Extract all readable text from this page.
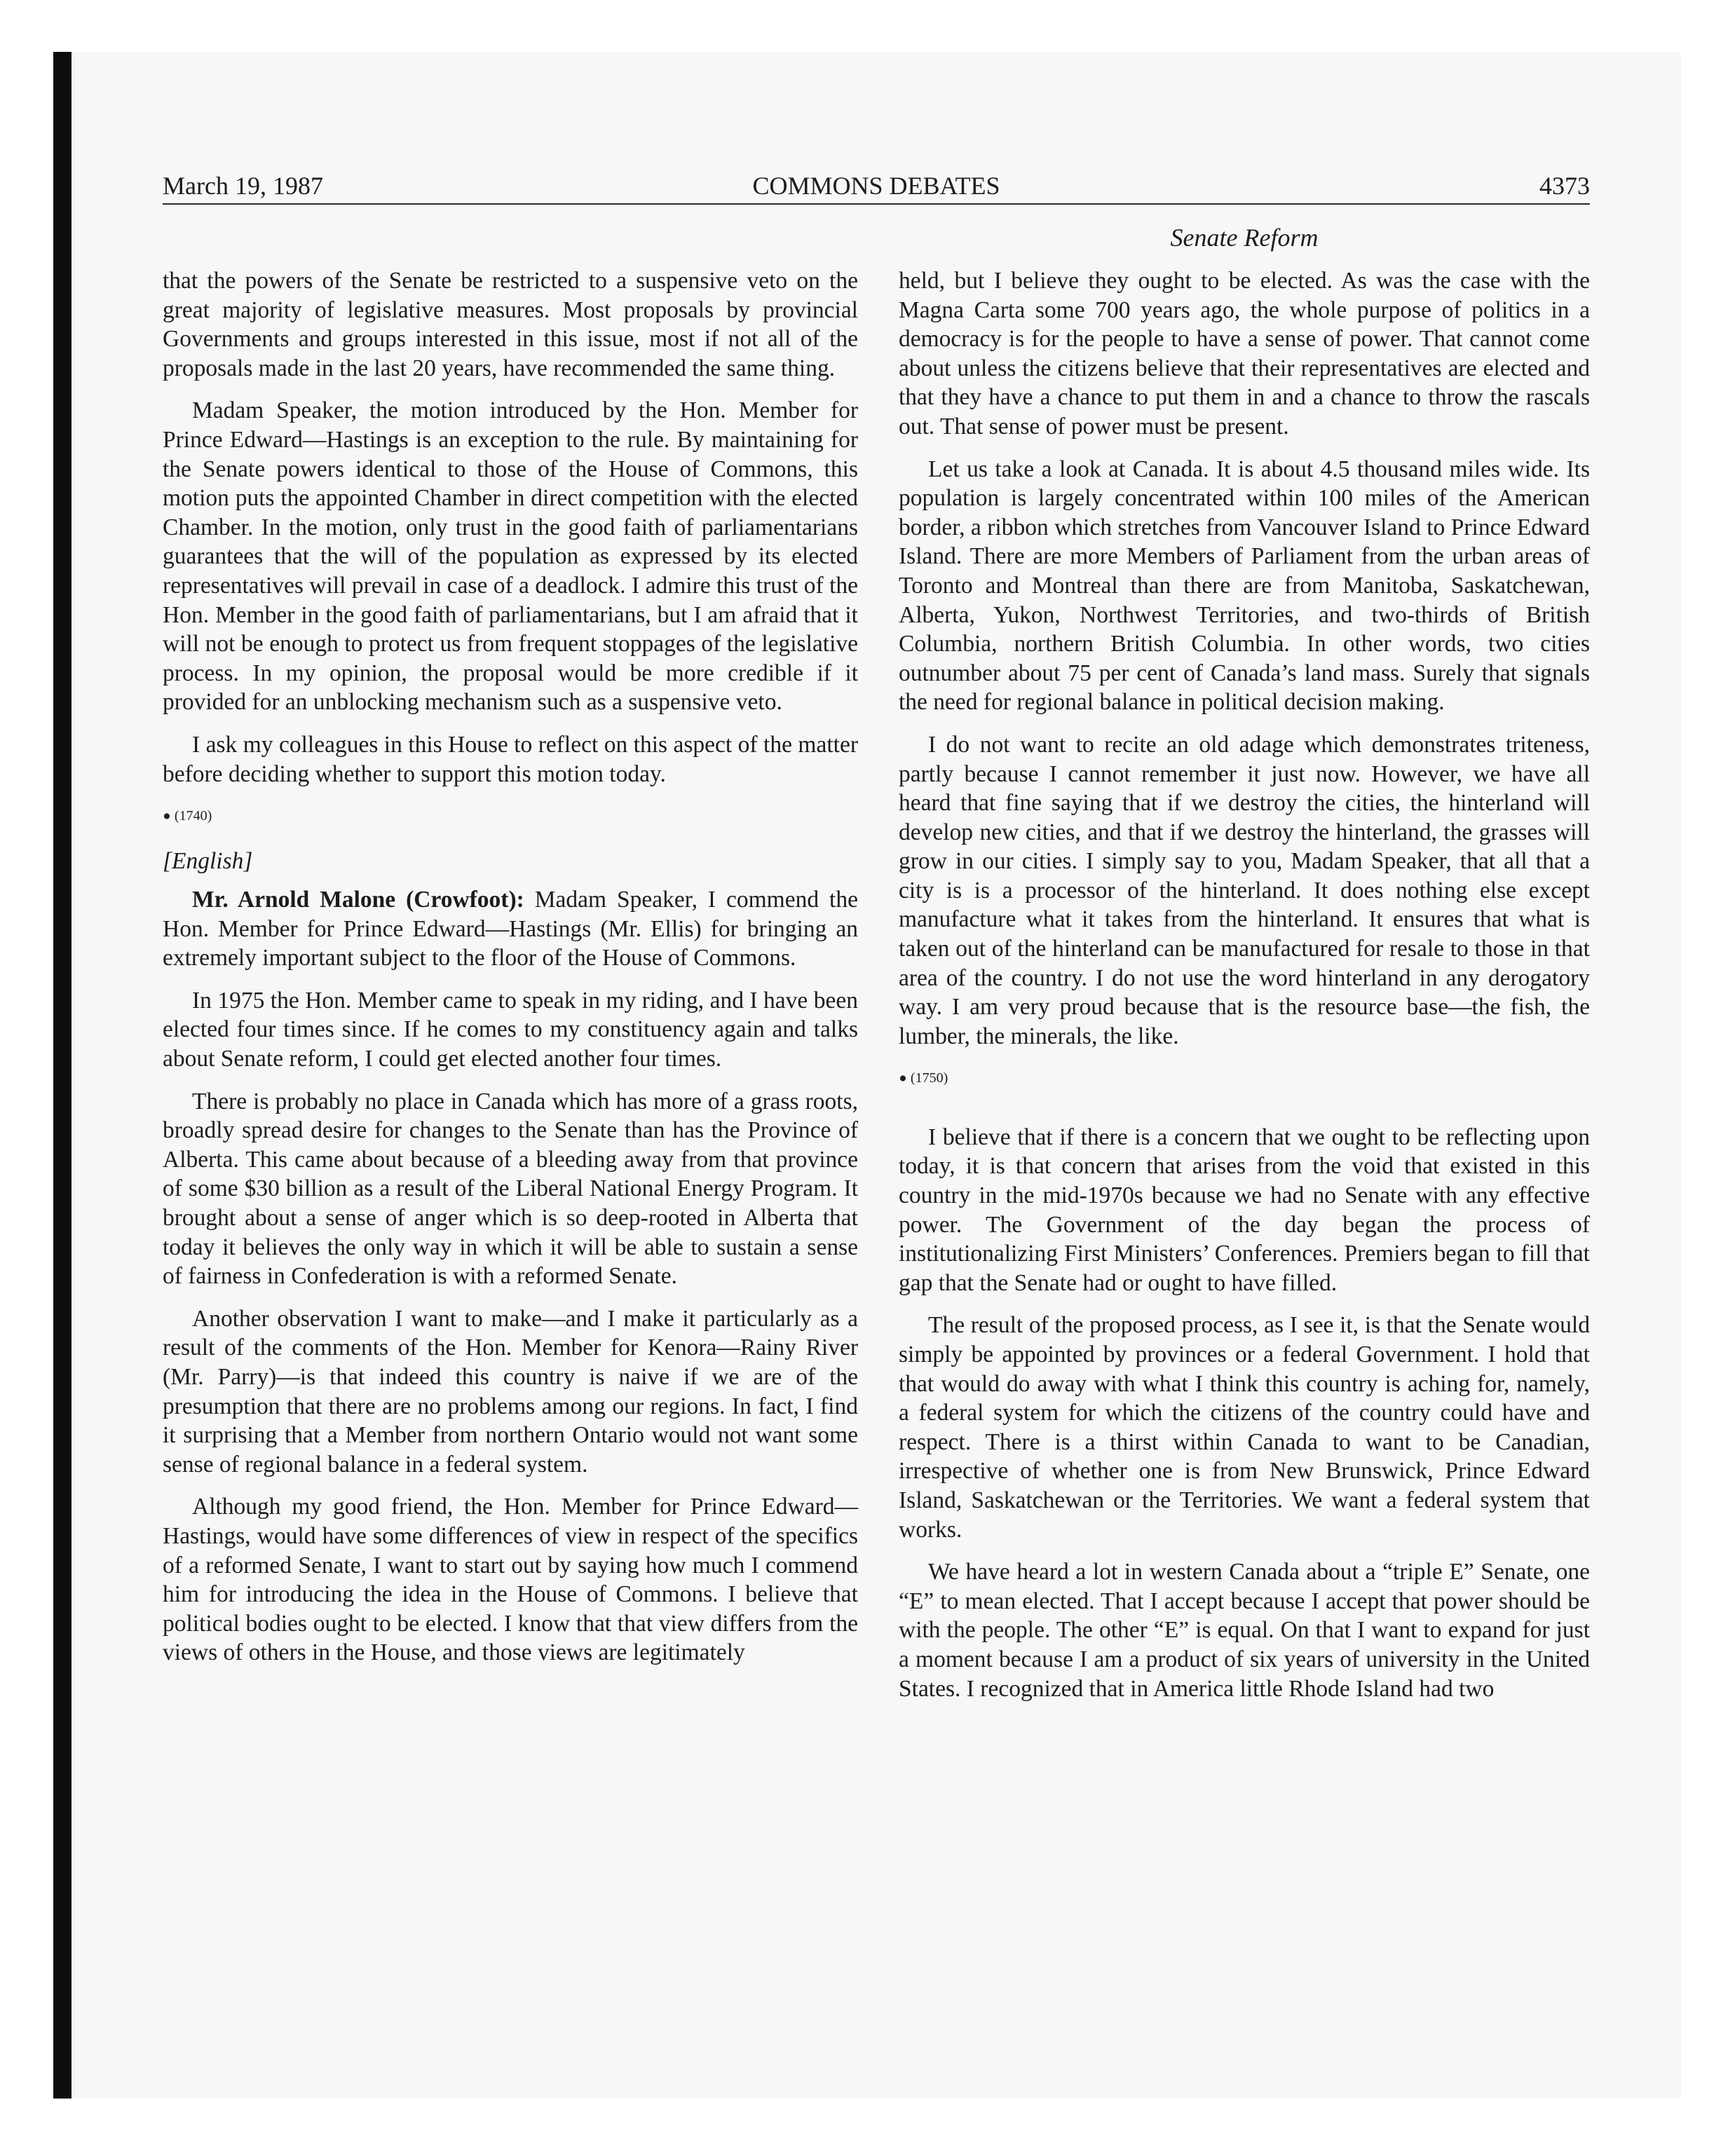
March 19, 1987	COMMONS DEBATES	4373
Senate Reform

that the powers of the Senate be restricted to a suspensive veto on the great majority of legislative measures. Most proposals by provincial Governments and groups interested in this issue, most if not all of the proposals made in the last 20 years, have recommended the same thing.

Madam Speaker, the motion introduced by the Hon. Member for Prince Edward—Hastings is an exception to the rule. By maintaining for the Senate powers identical to those of the House of Commons, this motion puts the appointed Chamber in direct competition with the elected Chamber. In the motion, only trust in the good faith of parliamentarians guarantees that the will of the population as expressed by its elected representatives will prevail in case of a deadlock. I admire this trust of the Hon. Member in the good faith of parliamentarians, but I am afraid that it will not be enough to protect us from frequent stoppages of the legislative process. In my opinion, the proposal would be more credible if it provided for an unblocking mechanism such as a suspensive veto.

I ask my colleagues in this House to reflect on this aspect of the matter before deciding whether to support this motion today.

• (1740)
[English]

Mr. Arnold Malone (Crowfoot): Madam Speaker, I commend the Hon. Member for Prince Edward—Hastings (Mr. Ellis) for bringing an extremely important subject to the floor of the House of Commons.

In 1975 the Hon. Member came to speak in my riding, and I have been elected four times since. If he comes to my constituency again and talks about Senate reform, I could get elected another four times.

There is probably no place in Canada which has more of a grass roots, broadly spread desire for changes to the Senate than has the Province of Alberta. This came about because of a bleeding away from that province of some $30 billion as a result of the Liberal National Energy Program. It brought about a sense of anger which is so deep-rooted in Alberta that today it believes the only way in which it will be able to sustain a sense of fairness in Confederation is with a reformed Senate.

Another observation I want to make—and I make it particularly as a result of the comments of the Hon. Member for Kenora—Rainy River (Mr. Parry)—is that indeed this country is naive if we are of the presumption that there are no problems among our regions. In fact, I find it surprising that a Member from northern Ontario would not want some sense of regional balance in a federal system.

Although my good friend, the Hon. Member for Prince Edward—Hastings, would have some differences of view in respect of the specifics of a reformed Senate, I want to start out by saying how much I commend him for introducing the idea in the House of Commons. I believe that political bodies ought to be elected. I know that that view differs from the views of others in the House, and those views are legitimately

held, but I believe they ought to be elected. As was the case with the Magna Carta some 700 years ago, the whole purpose of politics in a democracy is for the people to have a sense of power. That cannot come about unless the citizens believe that their representatives are elected and that they have a chance to put them in and a chance to throw the rascals out. That sense of power must be present.

Let us take a look at Canada. It is about 4.5 thousand miles wide. Its population is largely concentrated within 100 miles of the American border, a ribbon which stretches from Vancouver Island to Prince Edward Island. There are more Members of Parliament from the urban areas of Toronto and Montreal than there are from Manitoba, Saskatchewan, Alberta, Yukon, Northwest Territories, and two-thirds of British Columbia, northern British Columbia. In other words, two cities outnumber about 75 per cent of Canada’s land mass. Surely that signals the need for regional balance in political decision making.

I do not want to recite an old adage which demonstrates triteness, partly because I cannot remember it just now. However, we have all heard that fine saying that if we destroy the cities, the hinterland will develop new cities, and that if we destroy the hinterland, the grasses will grow in our cities. I simply say to you, Madam Speaker, that all that a city is is a processor of the hinterland. It does nothing else except manufacture what it takes from the hinterland. It ensures that what is taken out of the hinterland can be manufactured for resale to those in that area of the country. I do not use the word hinterland in any derogatory way. I am very proud because that is the resource base—the fish, the lumber, the minerals, the like.

• (1750)

I believe that if there is a concern that we ought to be reflecting upon today, it is that concern that arises from the void that existed in this country in the mid-1970s because we had no Senate with any effective power. The Government of the day began the process of institutionalizing First Ministers’ Conferences. Premiers began to fill that gap that the Senate had or ought to have filled.

The result of the proposed process, as I see it, is that the Senate would simply be appointed by provinces or a federal Government. I hold that that would do away with what I think this country is aching for, namely, a federal system for which the citizens of the country could have and respect. There is a thirst within Canada to want to be Canadian, irrespective of whether one is from New Brunswick, Prince Edward Island, Saskatchewan or the Territories. We want a federal system that works.

We have heard a lot in western Canada about a “triple E” Senate, one “E” to mean elected. That I accept because I accept that power should be with the people. The other “E” is equal. On that I want to expand for just a moment because I am a product of six years of university in the United States. I recognized that in America little Rhode Island had two
